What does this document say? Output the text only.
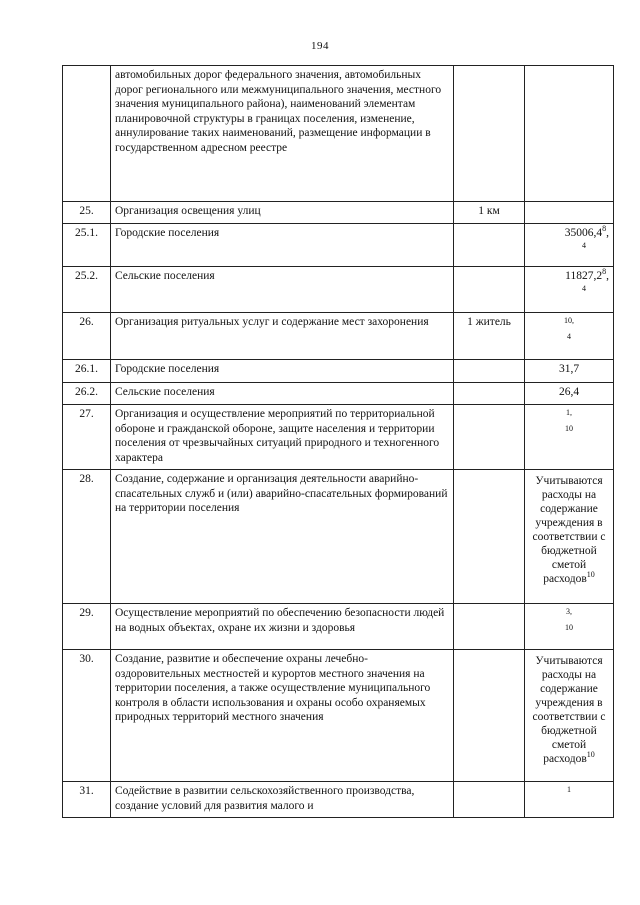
194
	автомобильных дорог федерального значения, автомобильных дорог регионального или межмуниципального значения, местного значения муниципального района), наименований элементам планировочной структуры в границах поселения, изменение, аннулирование таких наименований, размещение информации в государственном адресном реестре		
25.	Организация освещения улиц	1 км	
25.1.	Городские поселения		35006,4$^8$,
4

25.2.	Сельские поселения		11827,2$^8$,
4

26.	Организация ритуальных услуг и содержание мест захоронения	1 житель	10,
4

26.1.	Городские поселения		31,7
26.2.	Сельские поселения		26,4
27.	Организация и осуществление мероприятий по территориальной обороне и гражданской обороне, защите населения и территории поселения от чрезвычайных ситуаций природного и техногенного характера		1,
10

28.	Создание, содержание и организация деятельности аварийно-спасательных служб и (или) аварийно-спасательных формирований на территории поселения		Учитываются расходы на содержание учреждения в соответствии с бюджетной сметой расходов$^{10}$

29.	Осуществление мероприятий по обеспечению безопасности людей на водных объектах, охране их жизни и здоровья		3,
10

30.	Создание, развитие и обеспечение охраны лечебно-оздоровительных местностей и курортов местного значения на территории поселения, а также осуществление муниципального контроля в области использования и охраны особо охраняемых природных территорий местного значения		Учитываются расходы на содержание учреждения в соответствии с бюджетной сметой расходов$^{10}$

31.	Содействие в развитии сельскохозяйственного производства, создание условий для развития малого и		1
